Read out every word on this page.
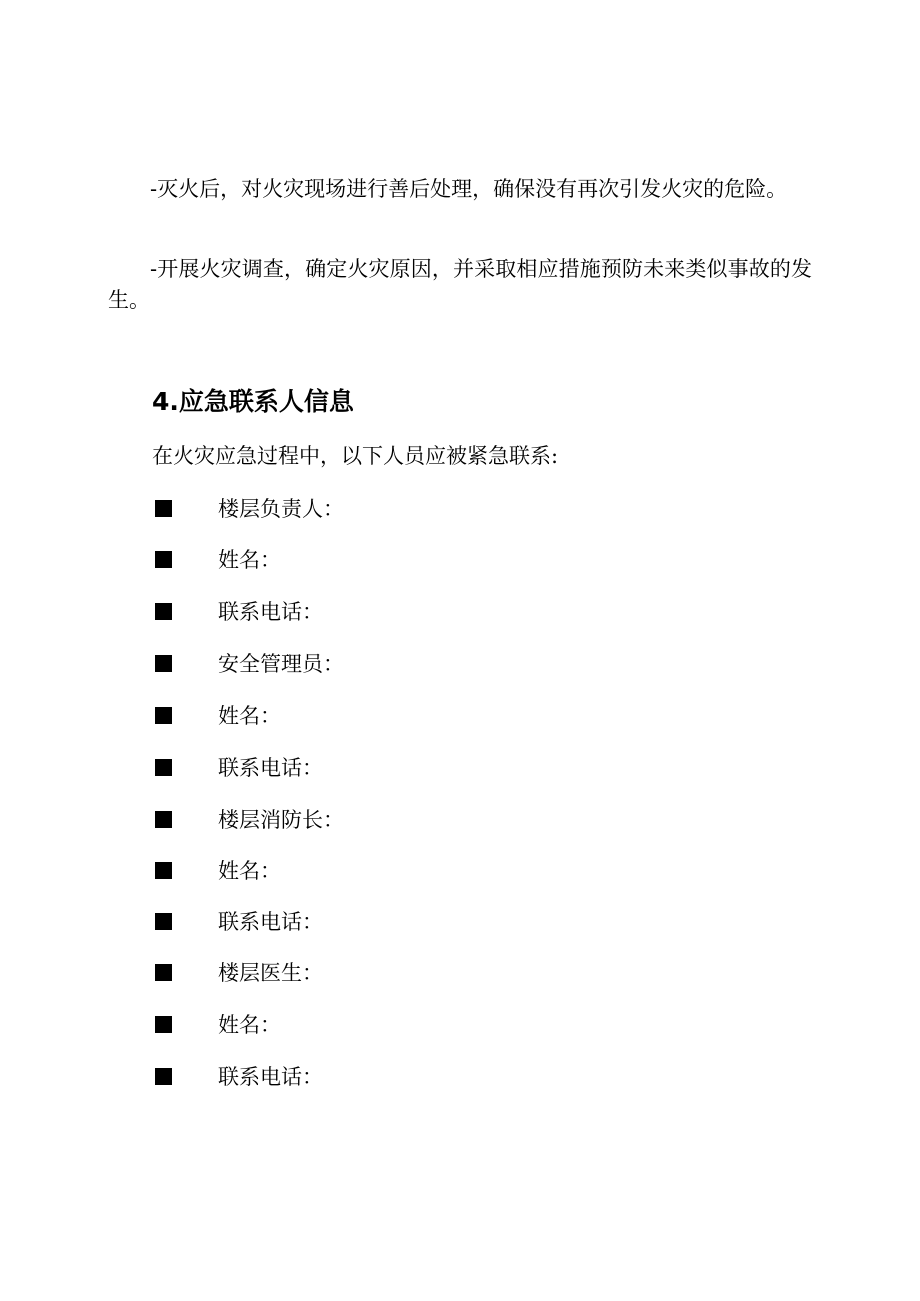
-灭火后，对火灾现场进行善后处理，确保没有再次引发火灾的危险。

-开展火灾调查，确定火灾原因，并采取相应措施预防未来类似事故的发生。

4.应急联系人信息

在火灾应急过程中，以下人员应被紧急联系:

楼层负责人：
姓名：
联系电话：
安全管理员：
姓名：
联系电话：
楼层消防长：
姓名：
联系电话：
楼层医生：
姓名：
联系电话：
